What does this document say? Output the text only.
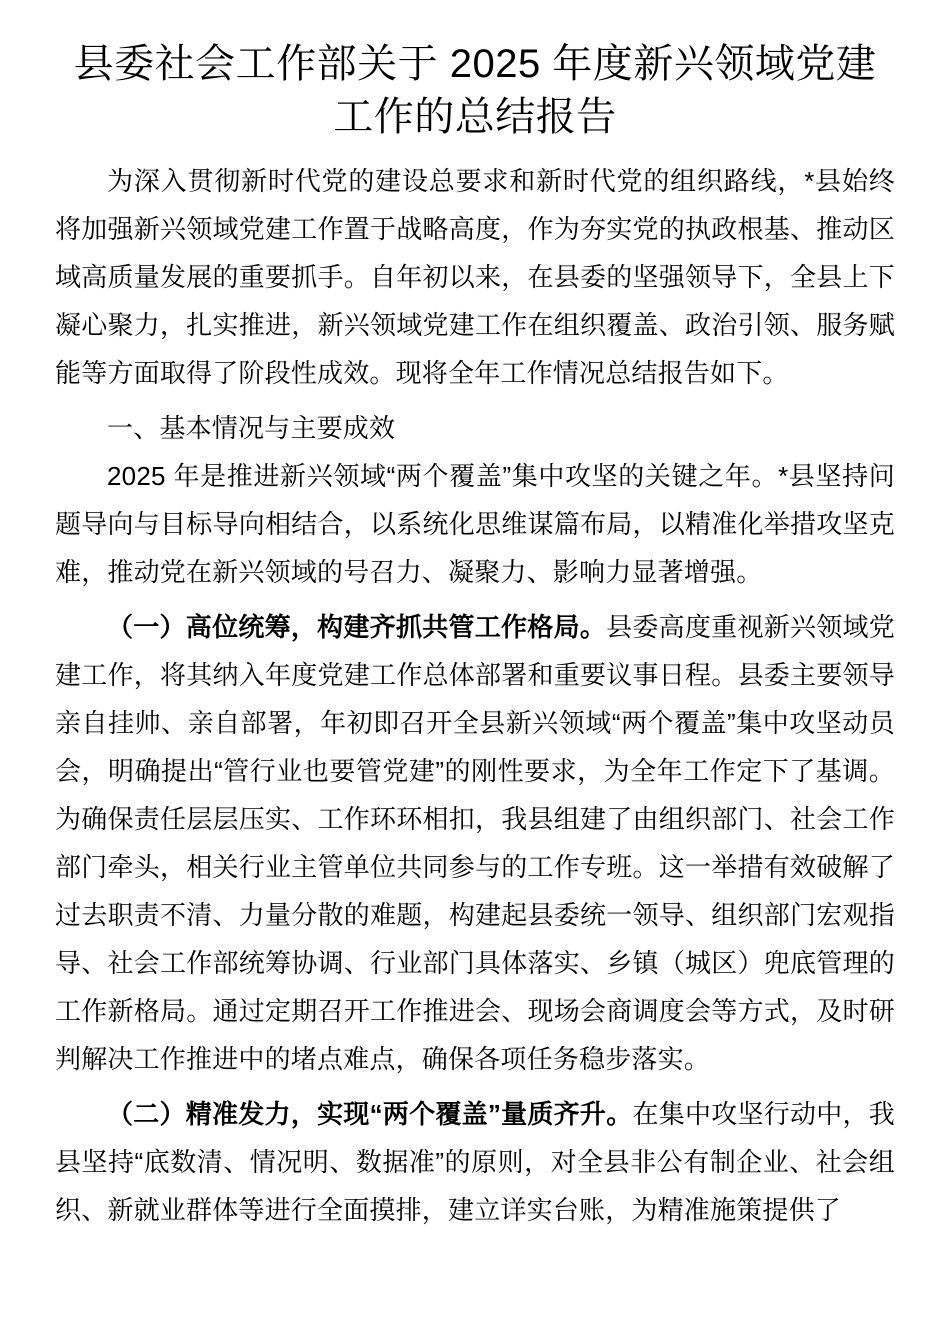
县委社会工作部关于 2025 年度新兴领域党建工作的总结报告

为深入贯彻新时代党的建设总要求和新时代党的组织路线，*县始终将加强新兴领域党建工作置于战略高度，作为夯实党的执政根基、推动区域高质量发展的重要抓手。自年初以来，在县委的坚强领导下，全县上下凝心聚力，扎实推进，新兴领域党建工作在组织覆盖、政治引领、服务赋能等方面取得了阶段性成效。现将全年工作情况总结报告如下。

一、基本情况与主要成效

2025 年是推进新兴领域“两个覆盖”集中攻坚的关键之年。*县坚持问题导向与目标导向相结合，以系统化思维谋篇布局，以精准化举措攻坚克难，推动党在新兴领域的号召力、凝聚力、影响力显著增强。

（一）高位统筹，构建齐抓共管工作格局。县委高度重视新兴领域党建工作，将其纳入年度党建工作总体部署和重要议事日程。县委主要领导亲自挂帅、亲自部署，年初即召开全县新兴领域“两个覆盖”集中攻坚动员会，明确提出“管行业也要管党建”的刚性要求，为全年工作定下了基调。为确保责任层层压实、工作环环相扣，我县组建了由组织部门、社会工作部门牵头，相关行业主管单位共同参与的工作专班。这一举措有效破解了过去职责不清、力量分散的难题，构建起县委统一领导、组织部门宏观指导、社会工作部统筹协调、行业部门具体落实、乡镇（城区）兜底管理的工作新格局。通过定期召开工作推进会、现场会商调度会等方式，及时研判解决工作推进中的堵点难点，确保各项任务稳步落实。

（二）精准发力，实现“两个覆盖”量质齐升。在集中攻坚行动中，我县坚持“底数清、情况明、数据准”的原则，对全县非公有制企业、社会组织、新就业群体等进行全面摸排，建立详实台账，为精准施策提供了
